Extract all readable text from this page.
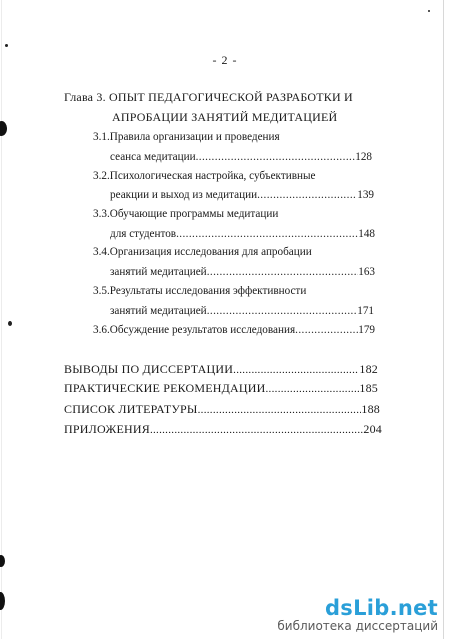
- 2 -
Глава 3. ОПЫТ ПЕДАГОГИЧЕСКОЙ РАЗРАБОТКИ И
АПРОБАЦИИ ЗАНЯТИЙ МЕДИТАЦИЕЙ
3.1.Правила организации и проведения
сеанса медитации .....	128
3.2.Психологическая настройка, субъективные
реакции и выход из медитации .....	139
3.3.Обучающие программы медитации
для студентов .....	148
3.4.Организация исследования для апробации
занятий медитацией .....	163
3.5.Результаты исследования эффективности
занятий медитацией .....	171
3.6.Обсуждение результатов исследования .....	179
ВЫВОДЫ ПО ДИССЕРТАЦИИ .....	182
ПРАКТИЧЕСКИЕ РЕКОМЕНДАЦИИ .....	185
СПИСОК ЛИТЕРАТУРЫ .....	188
ПРИЛОЖЕНИЯ .....	204
dsLib.net
библиотека диссертаций
